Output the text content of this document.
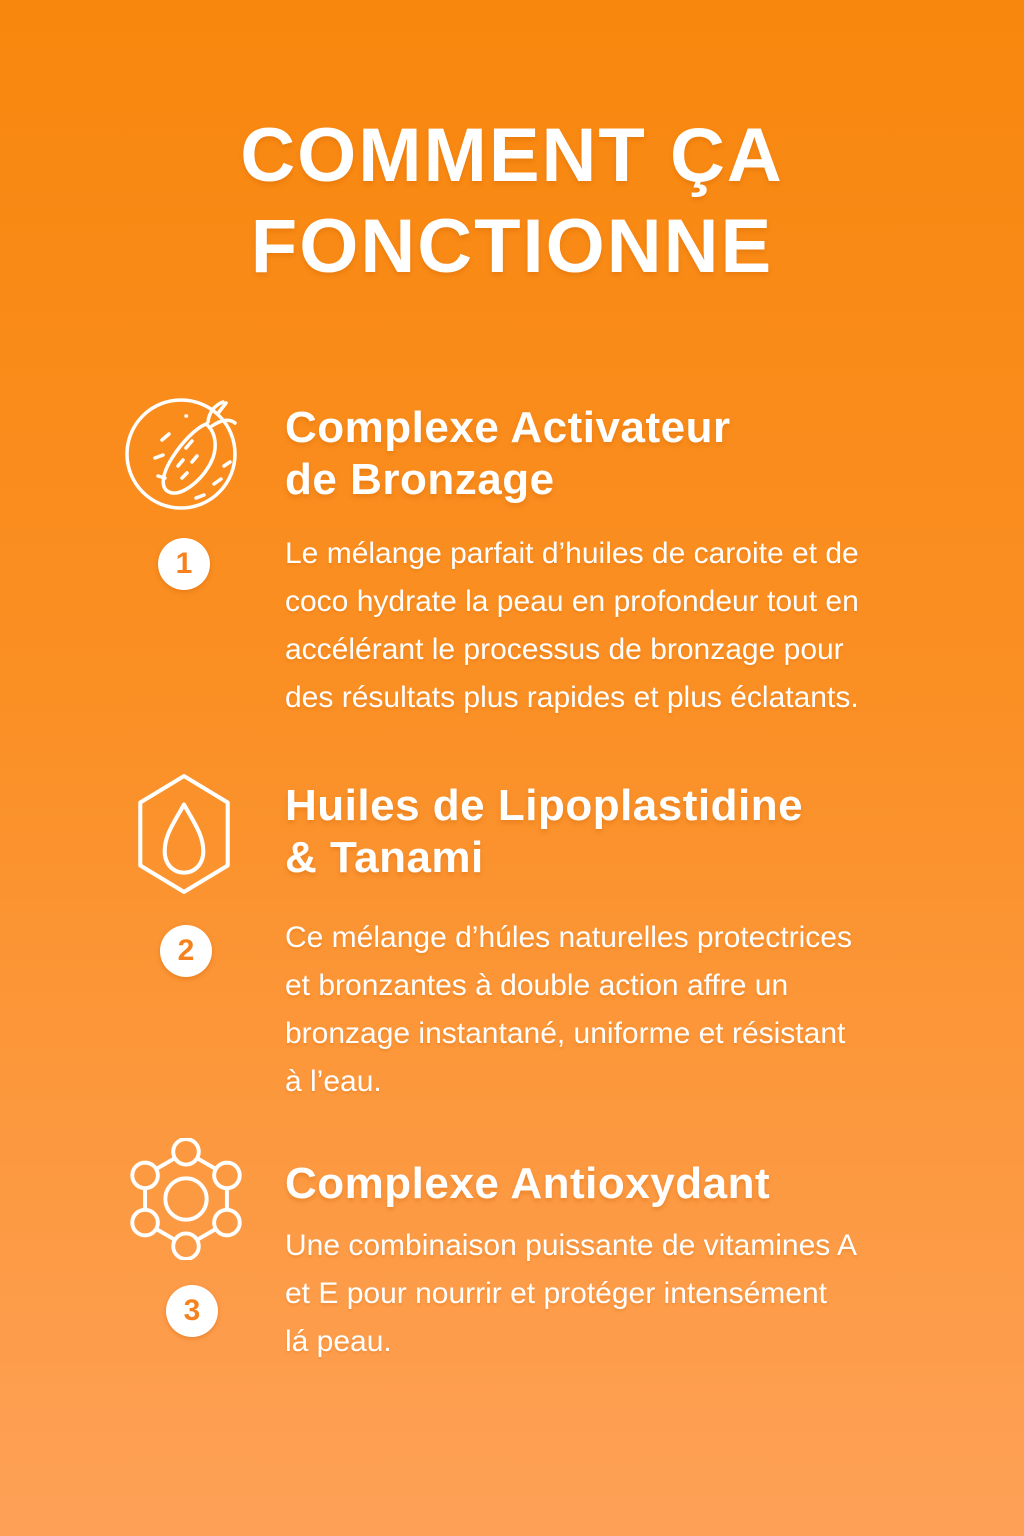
COMMENT ÇA
FONCTIONNE
Complexe Activateur
de Bronzage
1	Le mélange parfait d’huiles de caroite et de
coco hydrate la peau en profondeur tout en
accélérant le processus de bronzage pour
des résultats plus rapides et plus éclatants.
Huiles de Lipoplastidine
& Tanami
2	Ce mélange d’húles naturelles protectrices
et bronzantes à double action affre un
bronzage instantané, uniforme et résistant
à l’eau.
Complexe Antioxydant
3
Une combinaison puissante de vitamines A
et E pour nourrir et protéger intensément
lá peau.
